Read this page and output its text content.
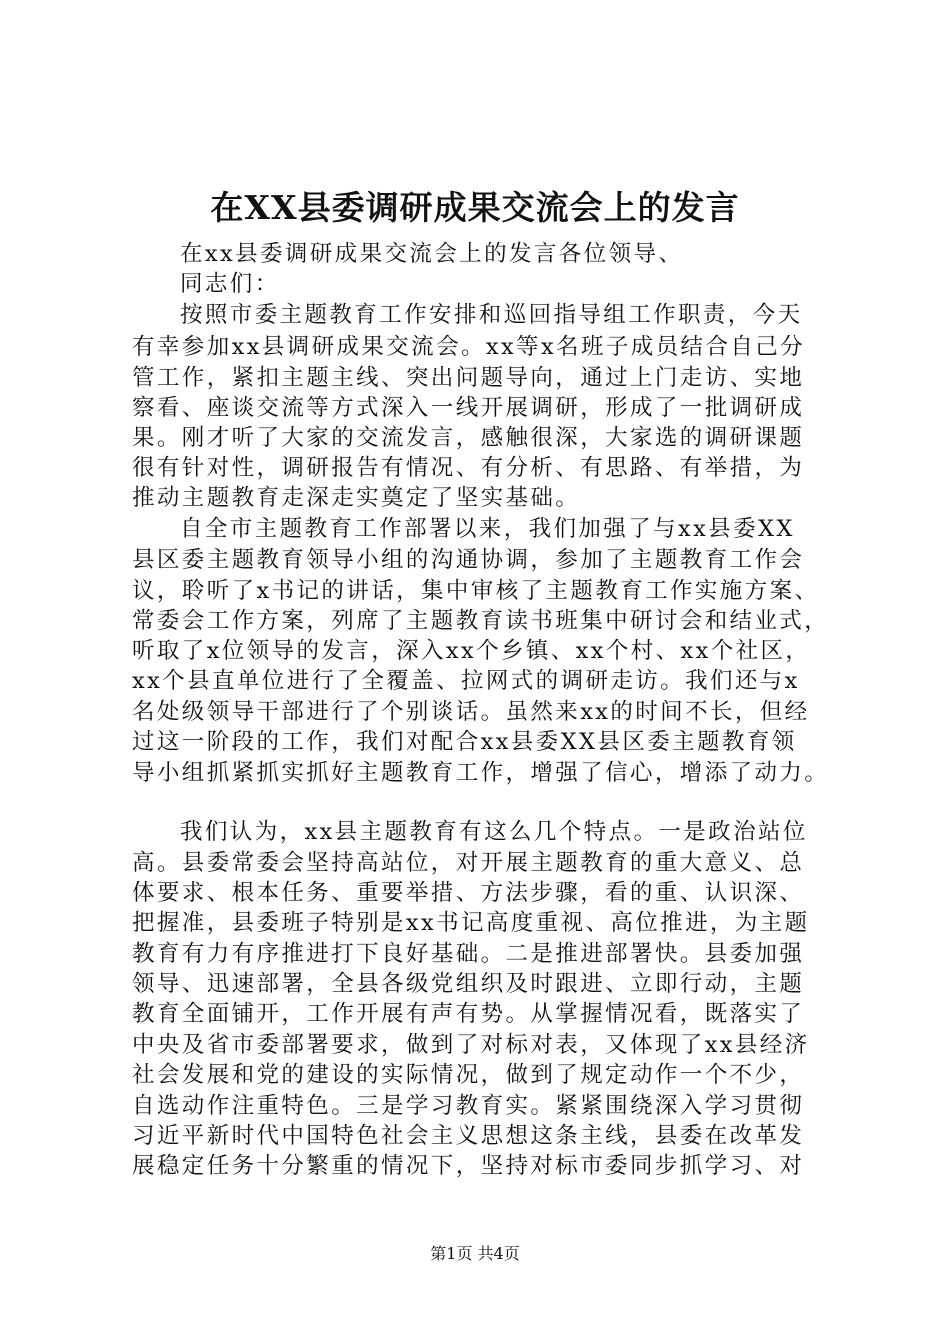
在XX县委调研成果交流会上的发言
在xx县委调研成果交流会上的发言各位领导、
同志们：
按照市委主题教育工作安排和巡回指导组工作职责，今天
有幸参加xx县调研成果交流会。xx等x名班子成员结合自己分
管工作，紧扣主题主线、突出问题导向，通过上门走访、实地
察看、座谈交流等方式深入一线开展调研，形成了一批调研成
果。刚才听了大家的交流发言，感触很深，大家选的调研课题
很有针对性，调研报告有情况、有分析、有思路、有举措，为
推动主题教育走深走实奠定了坚实基础。
自全市主题教育工作部署以来，我们加强了与xx县委XX
县区委主题教育领导小组的沟通协调，参加了主题教育工作会
议，聆听了x书记的讲话，集中审核了主题教育工作实施方案、
常委会工作方案，列席了主题教育读书班集中研讨会和结业式，
听取了x位领导的发言，深入xx个乡镇、xx个村、xx个社区，
xx个县直单位进行了全覆盖、拉网式的调研走访。我们还与x
名处级领导干部进行了个别谈话。虽然来xx的时间不长，但经
过这一阶段的工作，我们对配合xx县委XX县区委主题教育领
导小组抓紧抓实抓好主题教育工作，增强了信心，增添了动力。
我们认为，xx县主题教育有这么几个特点。一是政治站位
高。县委常委会坚持高站位，对开展主题教育的重大意义、总
体要求、根本任务、重要举措、方法步骤，看的重、认识深、
把握准，县委班子特别是xx书记高度重视、高位推进，为主题
教育有力有序推进打下良好基础。二是推进部署快。县委加强
领导、迅速部署，全县各级党组织及时跟进、立即行动，主题
教育全面铺开，工作开展有声有势。从掌握情况看，既落实了
中央及省市委部署要求，做到了对标对表，又体现了xx县经济
社会发展和党的建设的实际情况，做到了规定动作一个不少，
自选动作注重特色。三是学习教育实。紧紧围绕深入学习贯彻
习近平新时代中国特色社会主义思想这条主线，县委在改革发
展稳定任务十分繁重的情况下，坚持对标市委同步抓学习、对
第1页 共4页
